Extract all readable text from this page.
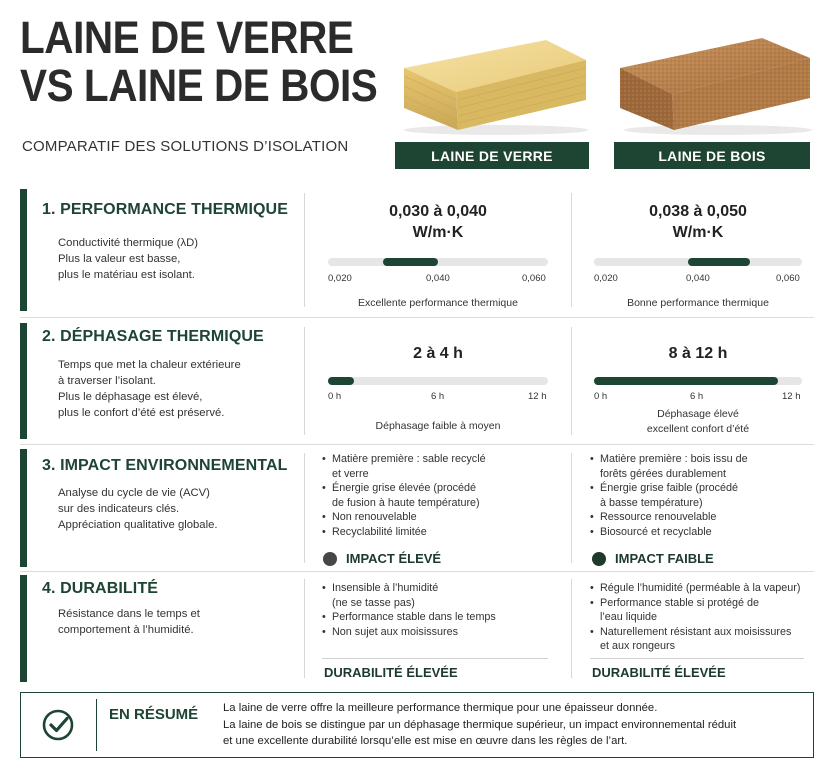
LAINE DE VERRE
VS LAINE DE BOIS
COMPARATIF DES SOLUTIONS D’ISOLATION
LAINE DE VERRE	LAINE DE BOIS
1. PERFORMANCE THERMIQUE
Conductivité thermique (λD)
Plus la valeur est basse,
plus le matériau est isolant.
0,030 à 0,040
W/m·K
0,020	0,040	0,060
Excellente performance thermique
0,038 à 0,050
W/m·K
0,020	0,040	0,060
Bonne performance thermique
2. DÉPHASAGE THERMIQUE
Temps que met la chaleur extérieure
à traverser l’isolant.
Plus le déphasage est élevé,
plus le confort d’été est préservé.
2 à 4 h
0 h	6 h	12 h
Déphasage faible à moyen
8 à 12 h
0 h	6 h	12 h
Déphasage élevé
excellent confort d’été
3. IMPACT ENVIRONNEMENTAL
Analyse du cycle de vie (ACV)
sur des indicateurs clés.
Appréciation qualitative globale.
• Matière première : sable recyclé
et verre
• Énergie grise élevée (procédé
de fusion à haute température)
• Non renouvelable
• Recyclabilité limitée
IMPACT ÉLEVÉ
• Matière première : bois issu de
forêts gérées durablement
• Énergie grise faible (procédé
à basse température)
• Ressource renouvelable
• Biosourcé et recyclable
IMPACT FAIBLE
4. DURABILITÉ
Résistance dans le temps et
comportement à l’humidité.
• Insensible à l’humidité
(ne se tasse pas)
• Performance stable dans le temps
• Non sujet aux moisissures
DURABILITÉ ÉLEVÉE
• Régule l’humidité (perméable à la vapeur)
• Performance stable si protégé de
l’eau liquide
• Naturellement résistant aux moisissures
et aux rongeurs
DURABILITÉ ÉLEVÉE
EN RÉSUMÉ La laine de verre offre la meilleure performance thermique pour une épaisseur donnée.
La laine de bois se distingue par un déphasage thermique supérieur, un impact environnemental réduit
et une excellente durabilité lorsqu’elle est mise en œuvre dans les règles de l’art.
